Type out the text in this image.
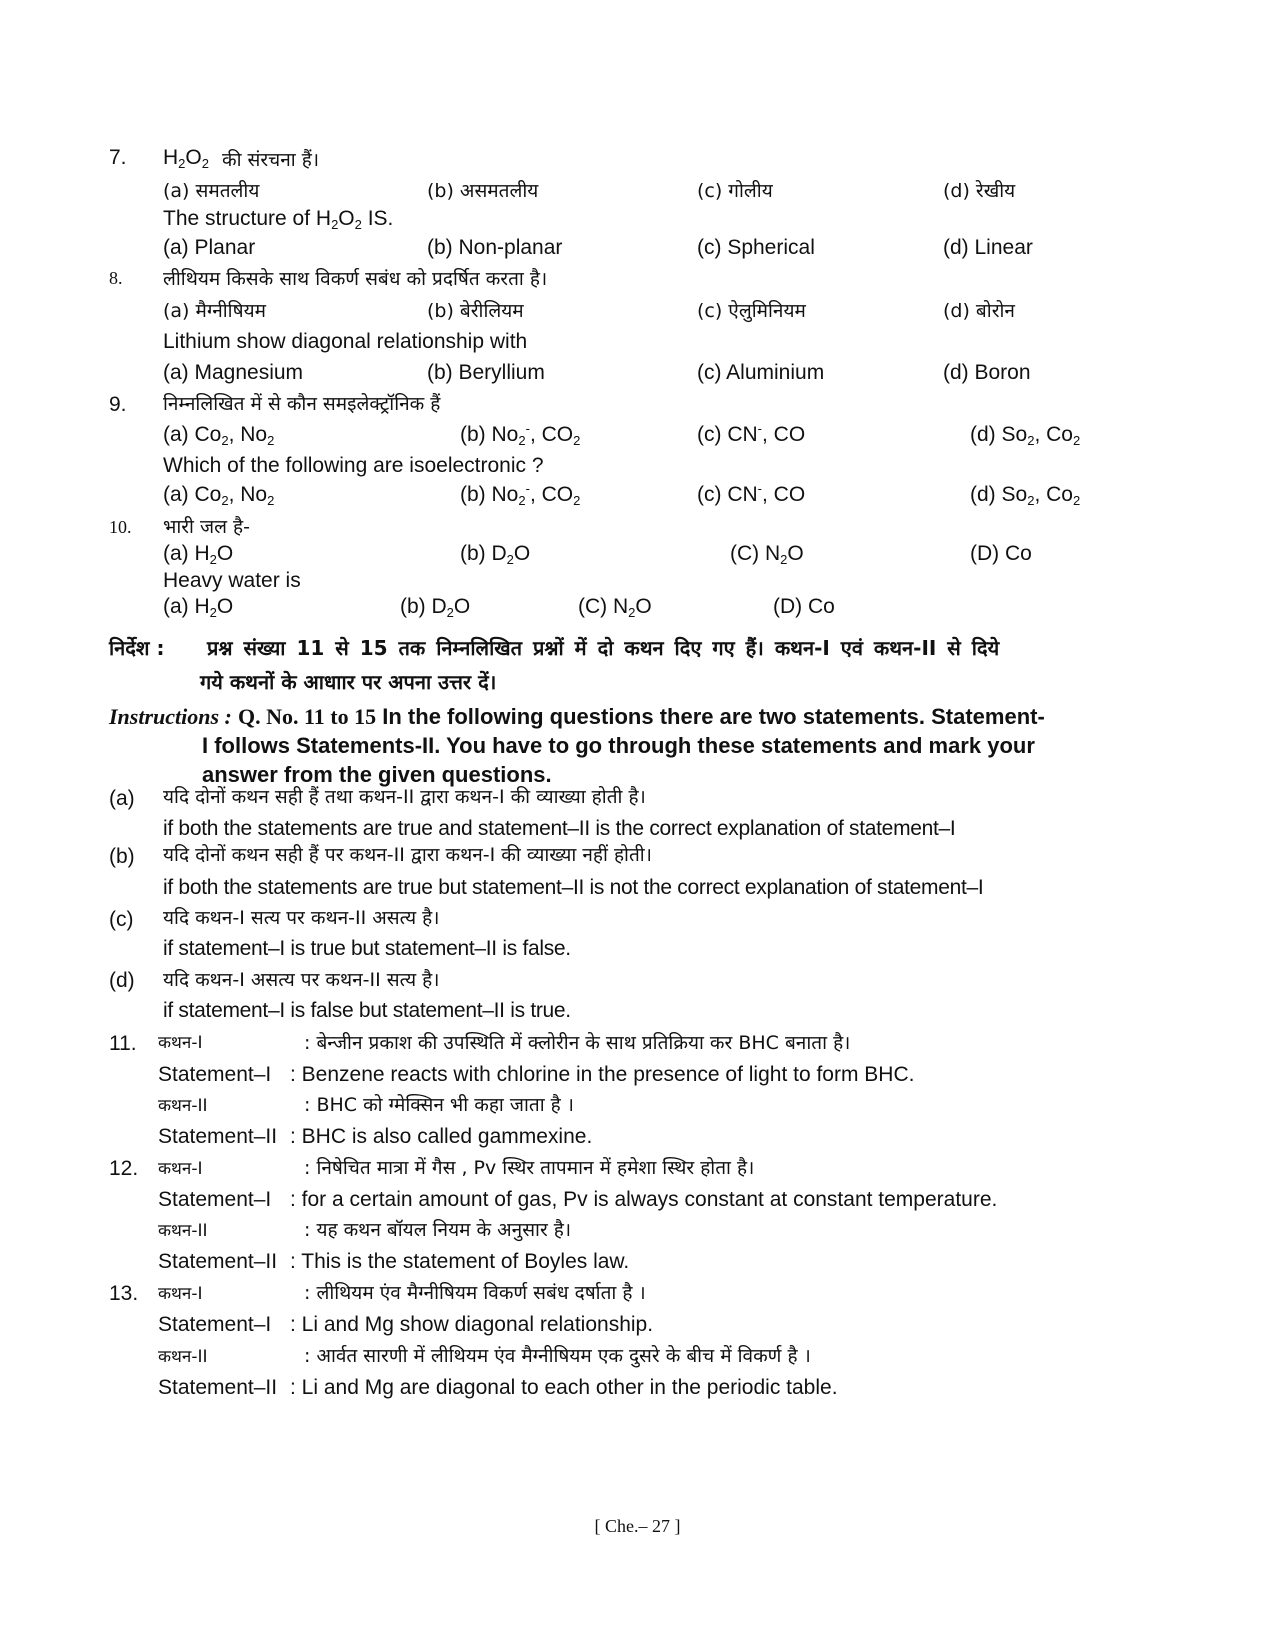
7. $H_2O_2$ की संरचना हैं।
(a) समतलीय	(b) असमतलीय	(c) गोलीय	(d) रेखीय
The structure of $H_2O_2$ IS.
(a) Planar	(b) Non-planar	(c) Spherical	(d) Linear
8. लीथियम किसके साथ विकर्ण सबंध को प्रदर्षित करता है।
(a) मैग्नीषियम	(b) बेरीलियम	(c) ऐलुमिनियम	(d) बोरोन
Lithium show diagonal relationship with
(a) Magnesium	(b) Beryllium	(c) Aluminium	(d) Boron
9. निम्नलिखित में से कौन समइलेक्ट्रॉनिक हैं
(a) $Co_2$, $No_2$	(b) $No_2^-$, $CO_2$	(c) CN-, CO	(d) $So_2$, $Co_2$
Which of the following are isoelectronic ?
(a) $Co_2$, $No_2$	(b) $No_2^-$, $CO_2$	(c) CN-, CO	(d) $So_2$, $Co_2$
10. भारी जल है-
(a) $H_2O$	(b) $D_2O$	(C) $N_2O$	(D) Co
Heavy water is
(a) $H_2O$	(b) $D_2O$	(C) $N_2O$	(D) Co
निर्देश : प्रश्न संख्या 11 से 15 तक निम्नलिखित प्रश्नों में दो कथन दिए गए हैं। कथन-I एवं कथन-II से दिये
गये कथनों के आधाार पर अपना उत्तर दें।
Instructions : Q. No. 11 to 15 In the following questions there are two statements. Statement-
I follows Statements-II. You have to go through these statements and mark your
answer from the given questions.
(a) यदि दोनों कथन सही हैं तथा कथन-II द्वारा कथन-I की व्याख्या होती है।
if both the statements are true and statement–II is the correct explanation of statement–I
(b) यदि दोनों कथन सही हैं पर कथन-II द्वारा कथन-I की व्याख्या नहीं होती।
if both the statements are true but statement–II is not the correct explanation of statement–I
(c) यदि कथन-I सत्य पर कथन-II असत्य है।
if statement–I is true but statement–II is false.
(d) यदि कथन-I असत्य पर कथन-II सत्य है।
if statement–I is false but statement–II is true.
11. कथन-I	: बेन्जीन प्रकाश की उपस्थिति में क्लोरीन के साथ प्रतिक्रिया कर BHC बनाता है।
Statement–I : Benzene reacts with chlorine in the presence of light to form BHC.
कथन-II	: BHC को ग्मेक्सिन भी कहा जाता है ।
Statement–II : BHC is also called gammexine.
12. कथन-I	: निषेचित मात्रा में गैस , Pv स्थिर तापमान में हमेशा स्थिर होता है।
Statement–I : for a certain amount of gas, Pv is always constant at constant temperature.
कथन-II	: यह कथन बॉयल नियम के अनुसार है।
Statement–II : This is the statement of Boyles law.
13. कथन-I	: लीथियम एंव मैग्नीषियम विकर्ण सबंध दर्षाता है ।
Statement–I : Li and Mg show diagonal relationship.
कथन-II	: आर्वत सारणी में लीथियम एंव मैग्नीषियम एक दुसरे के बीच में विकर्ण है ।
Statement–II : Li and Mg are diagonal to each other in the periodic table.
[ Che.– 27 ]
